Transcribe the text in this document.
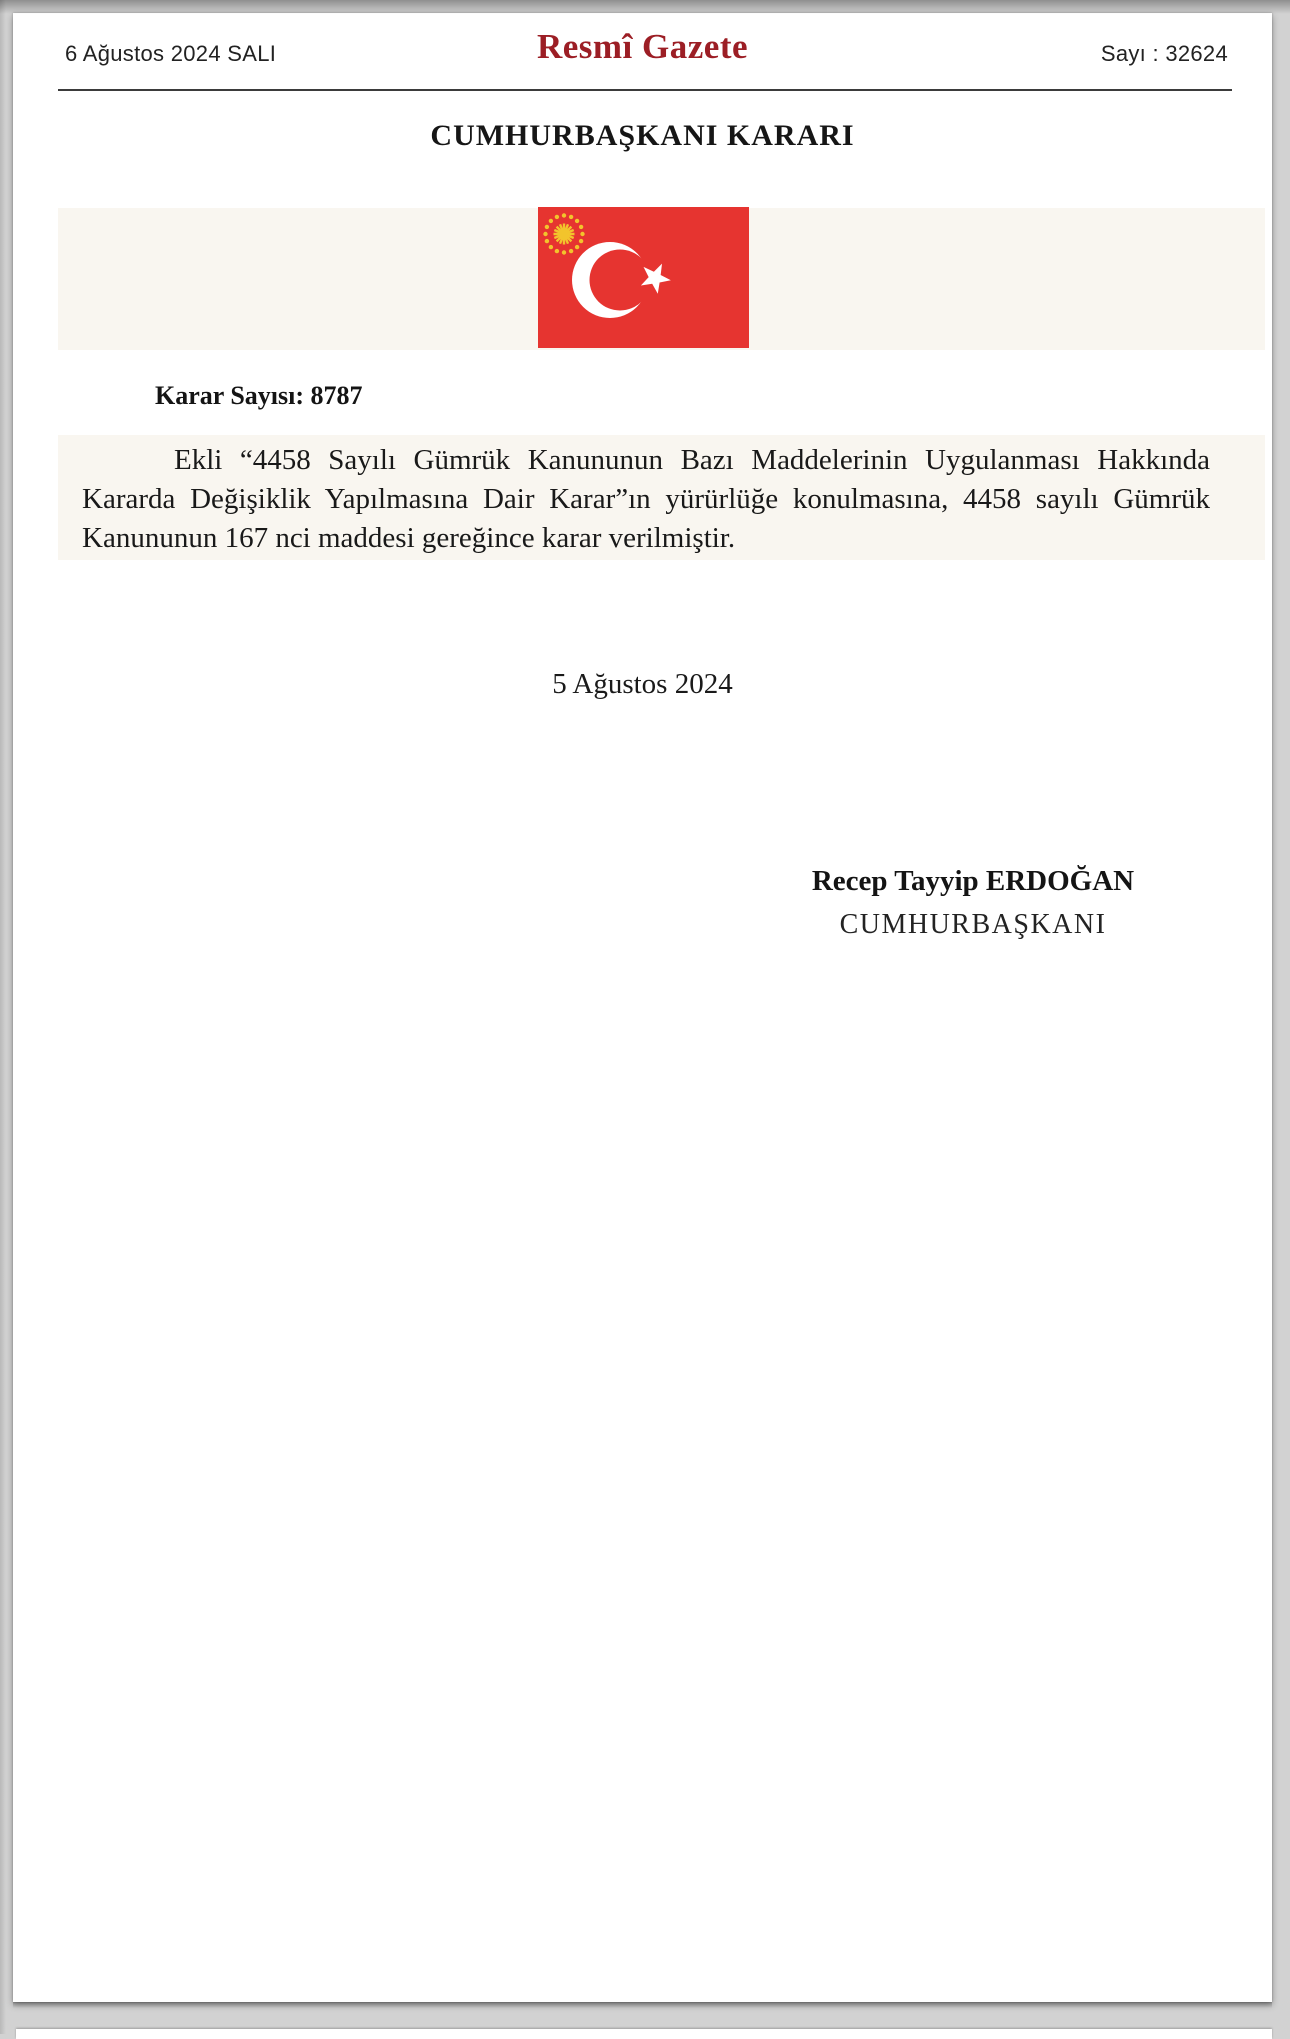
6 Ağustos 2024 SALI	Resmî Gazete	Sayı : 32624
CUMHURBAŞKANI KARARI
Karar Sayısı: 8787
Ekli “4458 Sayılı Gümrük Kanununun Bazı Maddelerinin Uygulanması Hakkında
Kararda Değişiklik Yapılmasına Dair Karar”ın yürürlüğe konulmasına, 4458 sayılı Gümrük
Kanununun 167 nci maddesi gereğince karar verilmiştir.
5 Ağustos 2024
Recep Tayyip ERDOĞAN
CUMHURBAŞKANI
